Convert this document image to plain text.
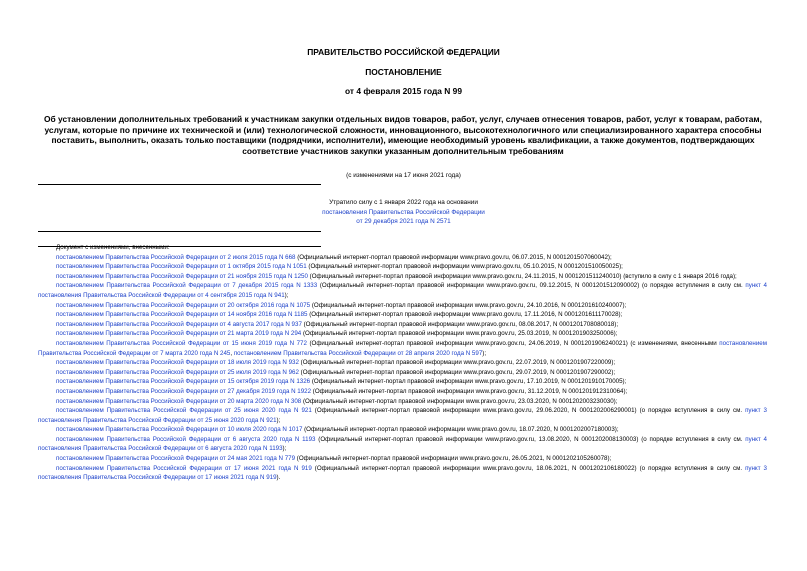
ПРАВИТЕЛЬСТВО РОССИЙСКОЙ ФЕДЕРАЦИИ
ПОСТАНОВЛЕНИЕ
от 4 февраля 2015 года N 99
Об установлении дополнительных требований к участникам закупки отдельных видов товаров, работ, услуг, случаев отнесения товаров, работ, услуг к товарам, работам, услугам, которые по причине их технической и (или) технологической сложности, инновационного, высокотехнологичного или специализированного характера способны поставить, выполнить, оказать только поставщики (подрядчики, исполнители), имеющие необходимый уровень квалификации, а также документов, подтверждающих соответствие участников закупки указанным дополнительным требованиям
(с изменениями на 17 июня 2021 года)
Утратило силу с 1 января 2022 года на основании
постановления Правительства Российской Федерации
от 29 декабря 2021 года N 2571

Документ с изменениями, внесенными:

постановлением Правительства Российской Федерации от 2 июля 2015 года N 668 (Официальный интернет-портал правовой информации www.pravo.gov.ru, 06.07.2015, N 0001201507060042);

постановлением Правительства Российской Федерации от 1 октября 2015 года N 1051 (Официальный интернет-портал правовой информации www.pravo.gov.ru, 05.10.2015, N 0001201510050025);

постановлением Правительства Российской Федерации от 21 ноября 2015 года N 1250 (Официальный интернет-портал правовой информации www.pravo.gov.ru, 24.11.2015, N 0001201511240010) (вступило в силу с 1 января 2016 года);

постановлением Правительства Российской Федерации от 7 декабря 2015 года N 1333 (Официальный интернет-портал правовой информации www.pravo.gov.ru, 09.12.2015, N 0001201512090002) (о порядке вступления в силу см. пункт 4 постановления Правительства Российской Федерации от 4 сентября 2015 года N 941);

постановлением Правительства Российской Федерации от 20 октября 2016 года N 1075 (Официальный интернет-портал правовой информации www.pravo.gov.ru, 24.10.2016, N 0001201610240007);

постановлением Правительства Российской Федерации от 14 ноября 2016 года N 1185 (Официальный интернет-портал правовой информации www.pravo.gov.ru, 17.11.2016, N 0001201611170028);

постановлением Правительства Российской Федерации от 4 августа 2017 года N 937 (Официальный интернет-портал правовой информации www.pravo.gov.ru, 08.08.2017, N 0001201708080018);

постановлением Правительства Российской Федерации от 21 марта 2019 года N 294 (Официальный интернет-портал правовой информации www.pravo.gov.ru, 25.03.2019, N 0001201903250006);

постановлением Правительства Российской Федерации от 15 июня 2019 года N 772 (Официальный интернет-портал правовой информации www.pravo.gov.ru, 24.06.2019, N 0001201906240021) (с изменениями, внесенными постановлением Правительства Российской Федерации от 7 марта 2020 года N 245, постановлением Правительства Российской Федерации от 28 апреля 2020 года N 597);

постановлением Правительства Российской Федерации от 18 июля 2019 года N 932 (Официальный интернет-портал правовой информации www.pravo.gov.ru, 22.07.2019, N 0001201907220009);

постановлением Правительства Российской Федерации от 25 июля 2019 года N 962 (Официальный интернет-портал правовой информации www.pravo.gov.ru, 29.07.2019, N 0001201907290002);

постановлением Правительства Российской Федерации от 15 октября 2019 года N 1326 (Официальный интернет-портал правовой информации www.pravo.gov.ru, 17.10.2019, N 0001201910170005);

постановлением Правительства Российской Федерации от 27 декабря 2019 года N 1922 (Официальный интернет-портал правовой информации www.pravo.gov.ru, 31.12.2019, N 0001201912310064);

постановлением Правительства Российской Федерации от 20 марта 2020 года N 308 (Официальный интернет-портал правовой информации www.pravo.gov.ru, 23.03.2020, N 0001202003230030);

постановлением Правительства Российской Федерации от 25 июня 2020 года N 921 (Официальный интернет-портал правовой информации www.pravo.gov.ru, 29.06.2020, N 0001202006290001) (о порядке вступления в силу см. пункт 3 постановления Правительства Российской Федерации от 25 июня 2020 года N 921);

постановлением Правительства Российской Федерации от 10 июля 2020 года N 1017 (Официальный интернет-портал правовой информации www.pravo.gov.ru, 18.07.2020, N 0001202007180003);

постановлением Правительства Российской Федерации от 6 августа 2020 года N 1193 (Официальный интернет-портал правовой информации www.pravo.gov.ru, 13.08.2020, N 0001202008130003) (о порядке вступления в силу см. пункт 4 постановления Правительства Российской Федерации от 6 августа 2020 года N 1193);

постановлением Правительства Российской Федерации от 24 мая 2021 года N 779 (Официальный интернет-портал правовой информации www.pravo.gov.ru, 26.05.2021, N 0001202105260078);

постановлением Правительства Российской Федерации от 17 июня 2021 года N 919 (Официальный интернет-портал правовой информации www.pravo.gov.ru, 18.06.2021, N 0001202106180022) (о порядке вступления в силу см. пункт 3 постановления Правительства Российской Федерации от 17 июня 2021 года N 919).
